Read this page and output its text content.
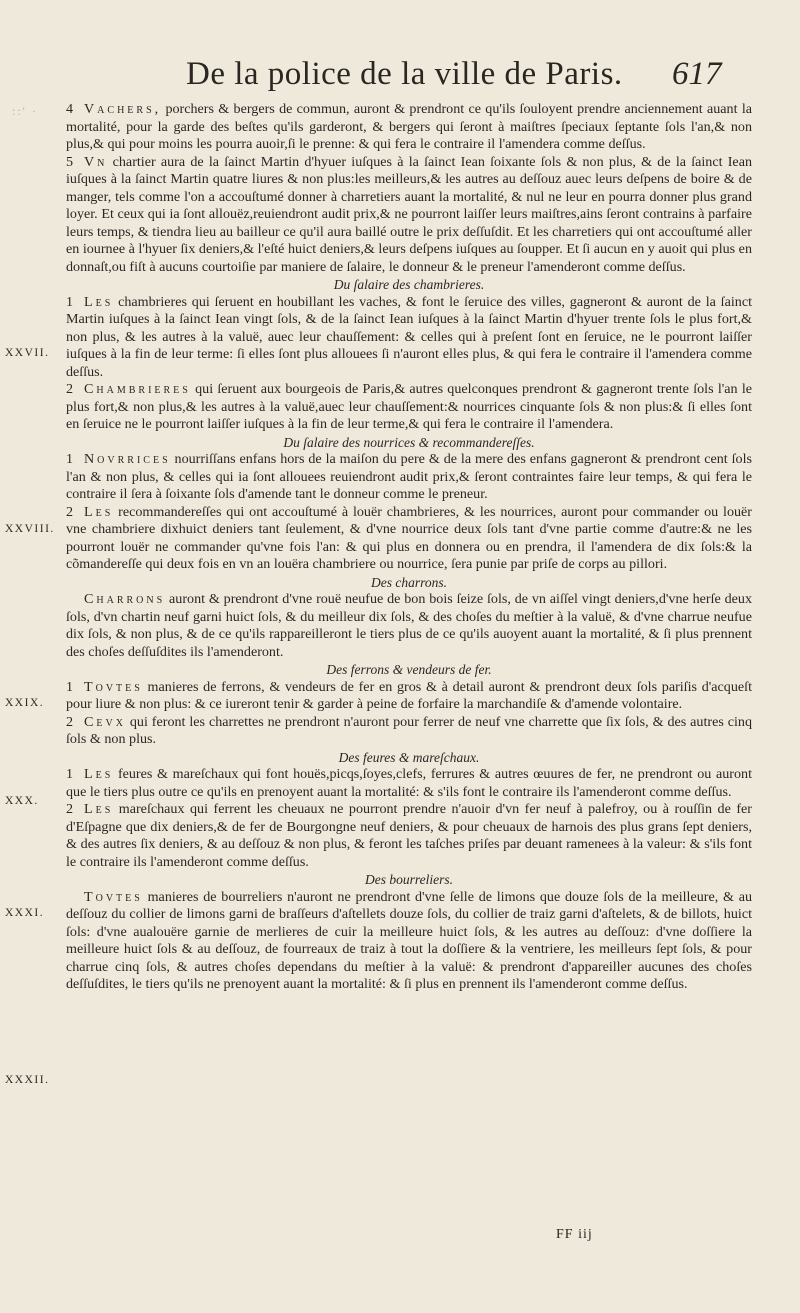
De la police de la ville de Paris. 617
::' ·
XXVII.
XXVIII.
XXIX.
XXX.
XXXI.
XXXII.

4 Vachers, porchers & bergers de commun, auront & prendront ce qu'ils ſouloyent prendre anciennement auant la mortalité, pour la garde des beſtes qu'ils garderont, & bergers qui ſeront à maiſtres ſpeciaux ſeptante ſols l'an,& non plus,& qui pour moins les pourra auoir,ſi le prenne: & qui fera le contraire il l'amendera comme deſſus.

5 Vn chartier aura de la ſainct Martin d'hyuer iuſques à la ſainct Iean ſoixante ſols & non plus, & de la ſainct Iean iuſques à la ſainct Martin quatre liures & non plus:les meilleurs,& les autres au deſſouz auec leurs deſpens de boire & de manger, tels comme l'on a accouſtumé donner à charretiers auant la mortalité, & nul ne leur en pourra donner plus grand loyer. Et ceux qui ia ſont allouëz,reuiendront audit prix,& ne pourront laiſſer leurs maiſtres,ains ſeront contrains à parfaire leurs temps, & tiendra lieu au bailleur ce qu'il aura baillé outre le prix deſſuſdit. Et les charretiers qui ont accouſtumé aller en iournee à l'hyuer ſix deniers,& l'eſté huict deniers,& leurs deſpens iuſques au ſoupper. Et ſi aucun en y auoit qui plus en donnaſt,ou fiſt à aucuns courtoiſie par maniere de ſalaire, le donneur & le preneur l'amenderont comme deſſus.

Du ſalaire des chambrieres.

1 Les chambrieres qui ſeruent en houbillant les vaches, & font le ſeruice des villes, gagneront & auront de la ſainct Martin iuſques à la ſainct Iean vingt ſols, & de la ſainct Iean iuſques à la ſainct Martin d'hyuer trente ſols le plus fort,& non plus, & les autres à la valuë, auec leur chauſſement: & celles qui à preſent ſont en ſeruice, ne le pourront laiſſer iuſques à la fin de leur terme: ſi elles ſont plus allouees ſi n'auront elles plus, & qui fera le contraire il l'amendera comme deſſus.

2 Chambrieres qui ſeruent aux bourgeois de Paris,& autres quelconques prendront & gagneront trente ſols l'an le plus fort,& non plus,& les autres à la valuë,auec leur chauſſement:& nourrices cinquante ſols & non plus:& ſi elles ſont en ſeruice ne le pourront laiſſer iuſques à la fin de leur terme,& qui fera le contraire il l'amendera.

Du ſalaire des nourrices & recommandereſſes.

1 Novrrices nourriſſans enfans hors de la maiſon du pere & de la mere des enfans gagneront & prendront cent ſols l'an & non plus, & celles qui ia ſont allouees reuiendront audit prix,& ſeront contraintes faire leur temps, & qui fera le contraire il ſera à ſoixante ſols d'amende tant le donneur comme le preneur.

2 Les recommandereſſes qui ont accouſtumé à louër chambrieres, & les nourrices, auront pour commander ou louër vne chambriere dixhuict deniers tant ſeulement, & d'vne nourrice deux ſols tant d'vne partie comme d'autre:& ne les pourront louër ne commander qu'vne fois l'an: & qui plus en donnera ou en prendra, il l'amendera de dix ſols:& la cõmandereſſe qui deux fois en vn an louëra chambriere ou nourrice, ſera punie par priſe de corps au pillori.

Des charrons.

Charrons auront & prendront d'vne rouë neufue de bon bois ſeize ſols, de vn aiſſel vingt deniers,d'vne herſe deux ſols, d'vn chartin neuf garni huict ſols, & du meilleur dix ſols, & des choſes du meſtier à la valuë, & d'vne charrue neufue dix ſols, & non plus, & de ce qu'ils rappareilleront le tiers plus de ce qu'ils auoyent auant la mortalité, & ſi plus prennent des choſes deſſuſdites ils l'amenderont.

Des ferrons & vendeurs de fer.

1 Tovtes manieres de ferrons, & vendeurs de fer en gros & à detail auront & prendront deux ſols pariſis d'acqueſt pour liure & non plus: & ce iureront tenir & garder à peine de forfaire la marchandiſe & d'amende volontaire.

2 Cevx qui feront les charrettes ne prendront n'auront pour ferrer de neuf vne charrette que ſix ſols, & des autres cinq ſols & non plus.

Des feures & mareſchaux.

1 Les feures & mareſchaux qui font houës,picqs,ſoyes,clefs, ferrures & autres œuures de fer, ne prendront ou auront que le tiers plus outre ce qu'ils en prenoyent auant la mortalité: & s'ils font le contraire ils l'amenderont comme deſſus.

2 Les mareſchaux qui ferrent les cheuaux ne pourront prendre n'auoir d'vn fer neuf à palefroy, ou à rouſſin de fer d'Eſpagne que dix deniers,& de fer de Bourgongne neuf deniers, & pour cheuaux de harnois des plus grans ſept deniers, & des autres ſix deniers, & au deſſouz & non plus, & feront les taſches priſes par deuant ramenees à la valeur: & s'ils font le contraire ils l'amenderont comme deſſus.

Des bourreliers.

Tovtes manieres de bourreliers n'auront ne prendront d'vne ſelle de limons que douze ſols de la meilleure, & au deſſouz du collier de limons garni de braſſeurs d'aſtellets douze ſols, du collier de traiz garni d'aſtelets, & de billots, huict ſols: d'vne aualouëre garnie de merlieres de cuir la meilleure huict ſols, & les autres au deſſouz: d'vne doſſiere la meilleure huict ſols & au deſſouz, de fourreaux de traiz à tout la doſſiere & la ventriere, les meilleurs ſept ſols, & pour charrue cinq ſols, & autres choſes dependans du meſtier à la valuë: & prendront d'appareiller aucunes des choſes deſſuſdites, le tiers qu'ils ne prenoyent auant la mortalité: & ſi plus en prennent ils l'amenderont comme deſſus.

FF iij
